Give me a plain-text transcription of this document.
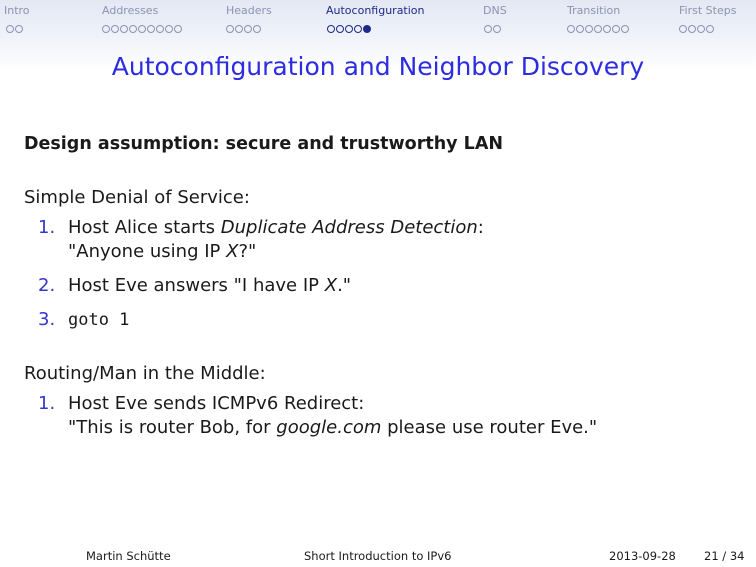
Intro	Addresses	Headers	Autoconfiguration	DNS	Transition	First Steps
Autoconfiguration and Neighbor Discovery

Design assumption: secure and trustworthy LAN

Simple Denial of Service:

1. Host Alice starts Duplicate Address Detection:
"Anyone using IP X?"
2. Host Eve answers "I have IP X."
3. goto 1

Routing/Man in the Middle:

1. Host Eve sends ICMPv6 Redirect:
"This is router Bob, for google.com please use router Eve."
Martin Schütte	Short Introduction to IPv6	2013-09-28 21 / 34
